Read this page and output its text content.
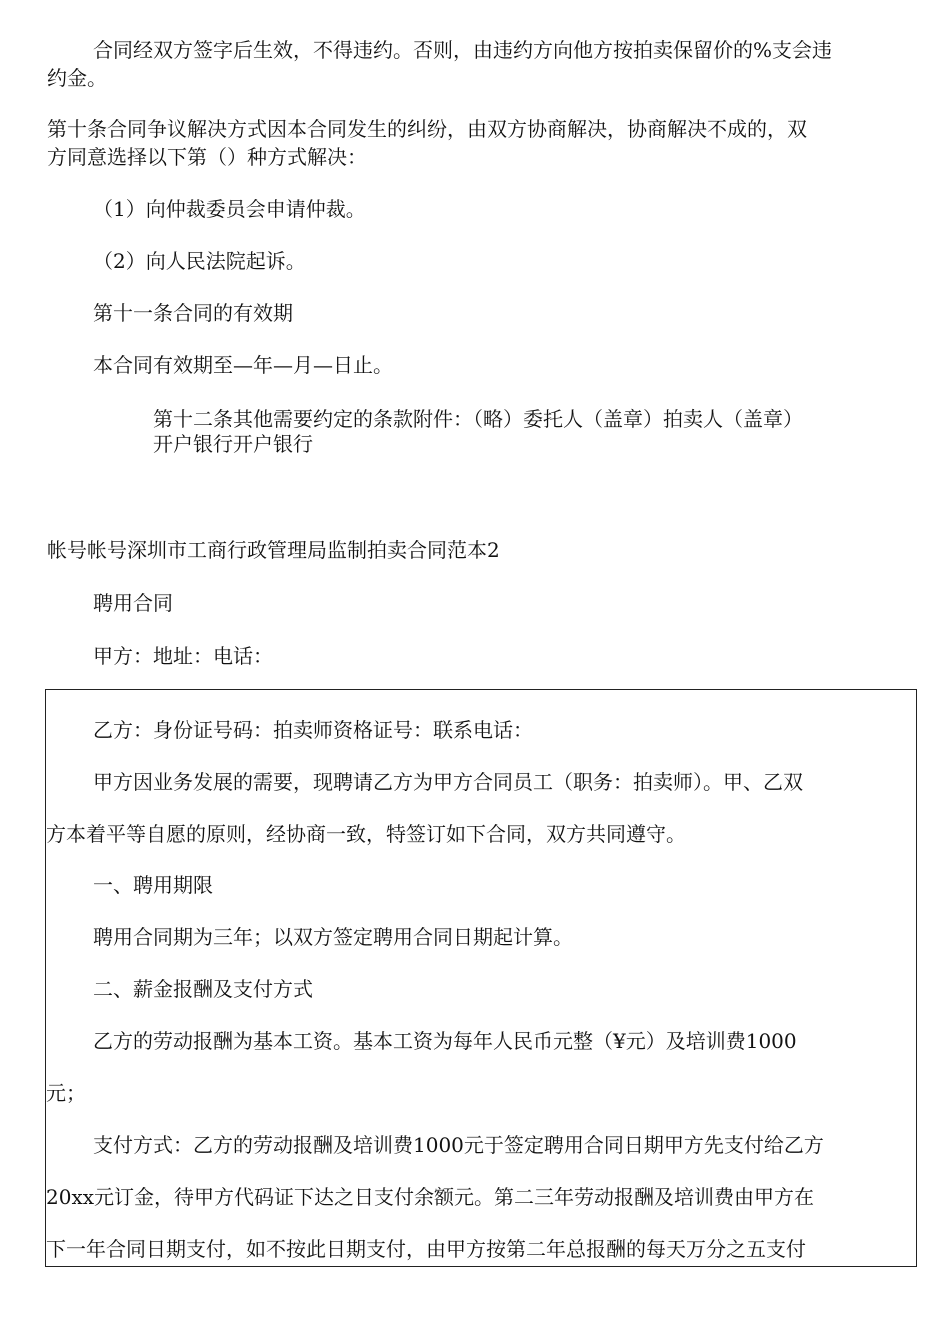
合同经双方签字后生效，不得违约。否则，由违约方向他方按拍卖保留价的%支会违
约金。
第十条合同争议解决方式因本合同发生的纠纷，由双方协商解决，协商解决不成的，双
方同意选择以下第（）种方式解决：
（1）向仲裁委员会申请仲裁。
（2）向人民法院起诉。
第十一条合同的有效期
本合同有效期至—年—月—日止。
第十二条其他需要约定的条款附件：（略）委托人（盖章）拍卖人（盖章）
开户银行开户银行
帐号帐号深圳市工商行政管理局监制拍卖合同范本2
聘用合同
甲方：地址：电话：
乙方：身份证号码：拍卖师资格证号：联系电话：
甲方因业务发展的需要，现聘请乙方为甲方合同员工（职务：拍卖师）。甲、乙双
方本着平等自愿的原则，经协商一致，特签订如下合同，双方共同遵守。
一、聘用期限
聘用合同期为三年；以双方签定聘用合同日期起计算。
二、薪金报酬及支付方式
乙方的劳动报酬为基本工资。基本工资为每年人民币元整（¥元）及培训费1000
元；
支付方式：乙方的劳动报酬及培训费1000元于签定聘用合同日期甲方先支付给乙方
20xx元订金，待甲方代码证下达之日支付余额元。第二三年劳动报酬及培训费由甲方在
下一年合同日期支付，如不按此日期支付，由甲方按第二年总报酬的每天万分之五支付
